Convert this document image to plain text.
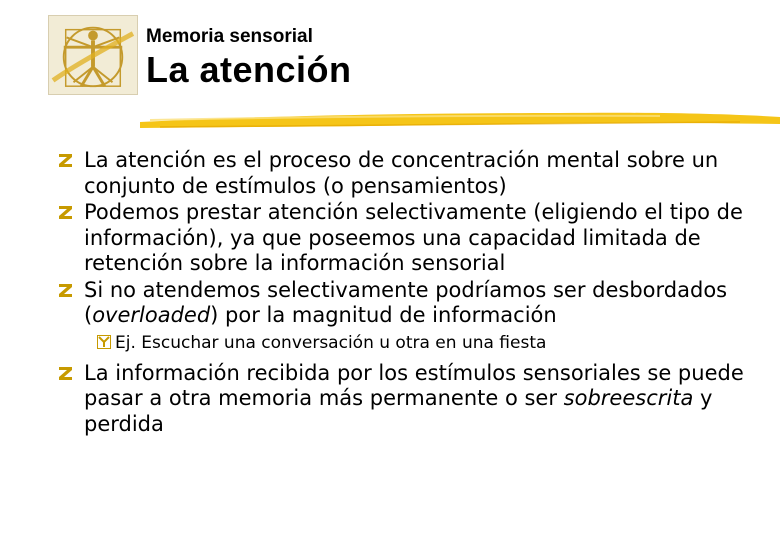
Memoria sensorial
La atención
La atención es el proceso de concentración mental sobre un conjunto de estímulos (o pensamientos)
Podemos prestar atención selectivamente (eligiendo el tipo de información), ya que poseemos una capacidad limitada de retención sobre la información sensorial
Si no atendemos selectivamente podríamos ser desbordados (overloaded) por la magnitud de información
Ej. Escuchar una conversación u otra en una fiesta
La información recibida por los estímulos sensoriales se puede pasar a otra memoria más permanente o ser sobreescrita y perdida
